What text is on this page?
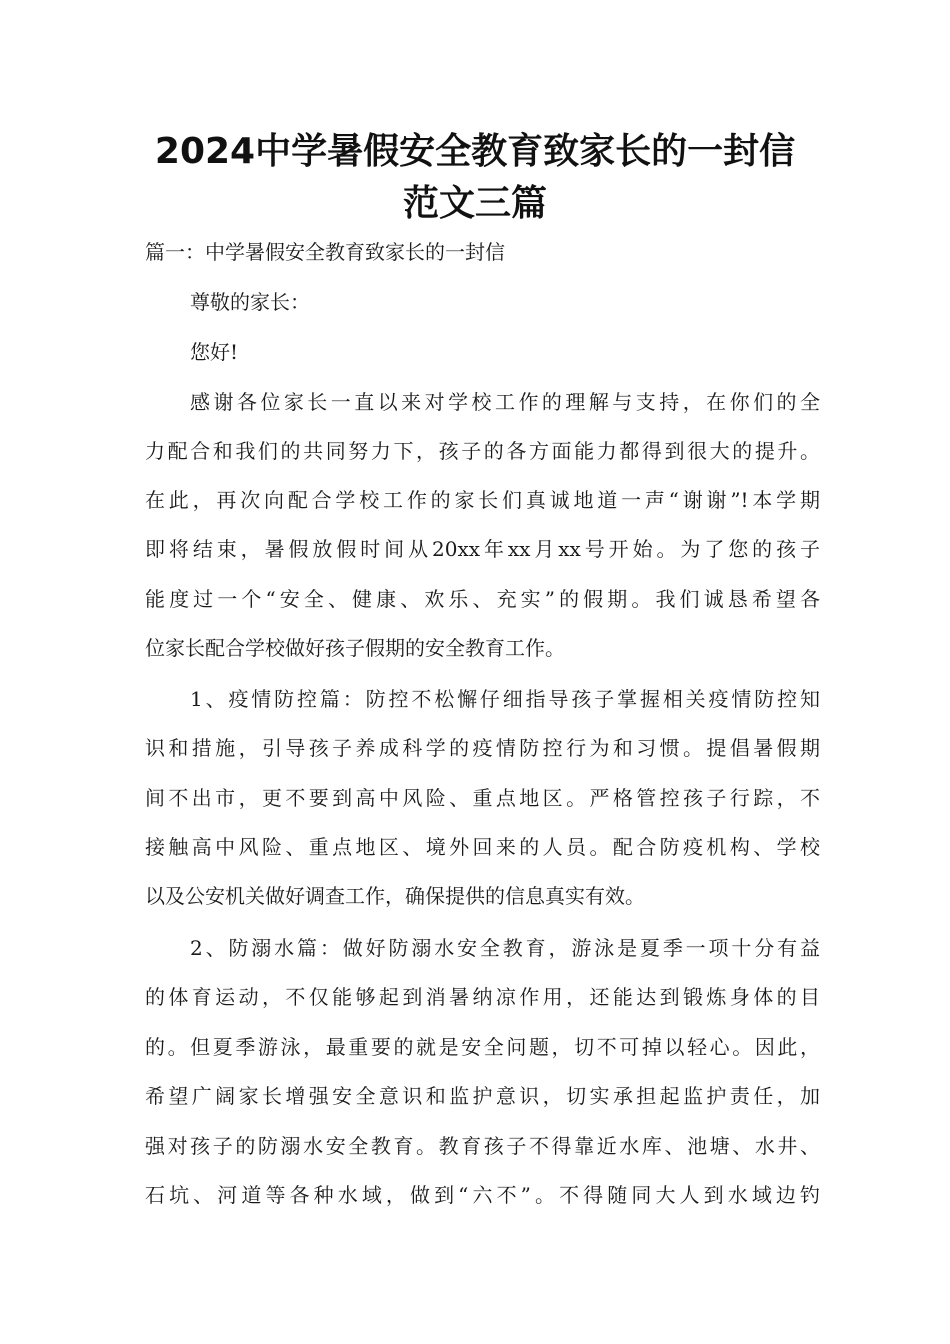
2024中学暑假安全教育致家长的一封信
范文三篇

篇一：中学暑假安全教育致家长的一封信

尊敬的家长：

您好!

感谢各位家长一直以来对学校工作的理解与支持，在你们的全

力配合和我们的共同努力下，孩子的各方面能力都得到很大的提升。

在此，再次向配合学校工作的家长们真诚地道一声“谢谢”!本学期

即将结束，暑假放假时间从20xx年xx月xx号开始。为了您的孩子

能度过一个“安全、健康、欢乐、充实”的假期。我们诚恳希望各

位家长配合学校做好孩子假期的安全教育工作。

1、疫情防控篇：防控不松懈仔细指导孩子掌握相关疫情防控知

识和措施，引导孩子养成科学的疫情防控行为和习惯。提倡暑假期

间不出市，更不要到高中风险、重点地区。严格管控孩子行踪，不

接触高中风险、重点地区、境外回来的人员。配合防疫机构、学校

以及公安机关做好调查工作，确保提供的信息真实有效。

2、防溺水篇：做好防溺水安全教育，游泳是夏季一项十分有益

的体育运动，不仅能够起到消暑纳凉作用，还能达到锻炼身体的目

的。但夏季游泳，最重要的就是安全问题，切不可掉以轻心。因此，

希望广阔家长增强安全意识和监护意识，切实承担起监护责任，加

强对孩子的防溺水安全教育。教育孩子不得靠近水库、池塘、水井、

石坑、河道等各种水域，做到“六不”。不得随同大人到水域边钓
